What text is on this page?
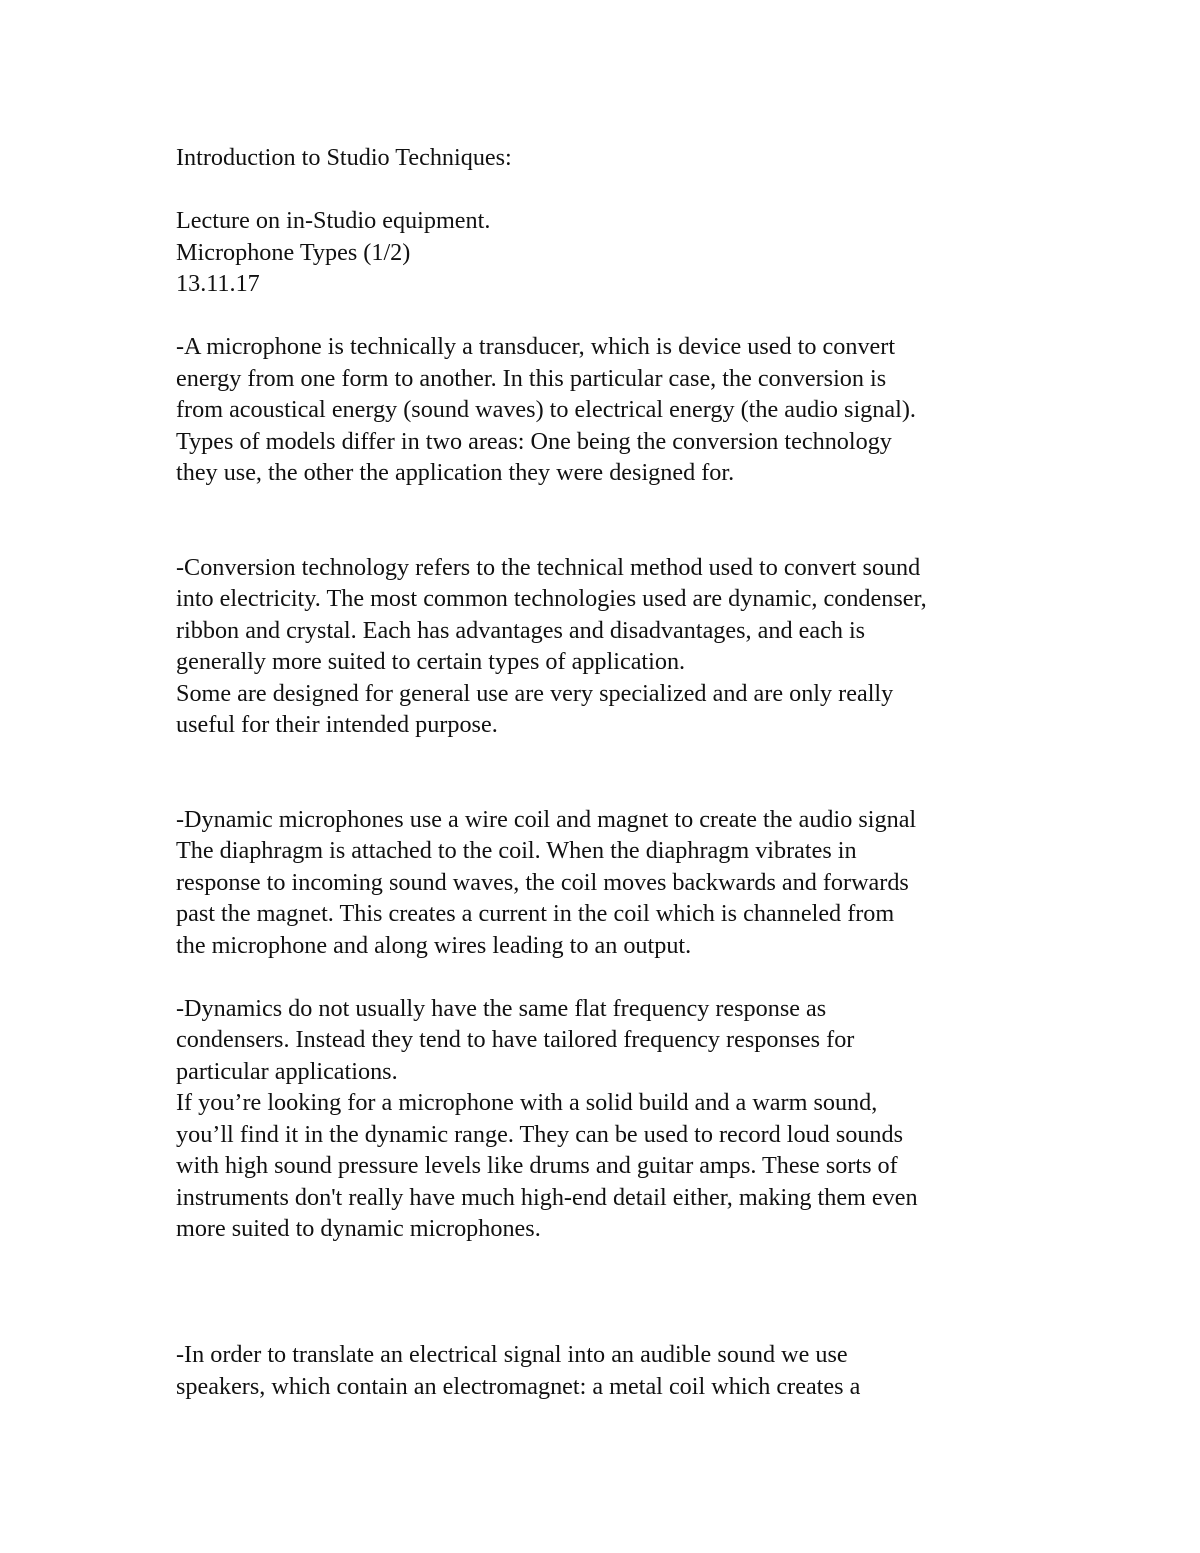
Introduction to Studio Techniques:
Lecture on in-Studio equipment.
Microphone Types (1/2)
13.11.17
-A microphone is technically a transducer, which is device used to convert
energy from one form to another. In this particular case, the conversion is
from acoustical energy (sound waves) to electrical energy (the audio signal).
Types of models differ in two areas: One being the conversion technology
they use, the other the application they were designed for.
-Conversion technology refers to the technical method used to convert sound
into electricity. The most common technologies used are dynamic, condenser,
ribbon and crystal. Each has advantages and disadvantages, and each is
generally more suited to certain types of application.
Some are designed for general use are very specialized and are only really
useful for their intended purpose.
-Dynamic microphones use a wire coil and magnet to create the audio signal
The diaphragm is attached to the coil. When the diaphragm vibrates in
response to incoming sound waves, the coil moves backwards and forwards
past the magnet. This creates a current in the coil which is channeled from
the microphone and along wires leading to an output.
-Dynamics do not usually have the same flat frequency response as
condensers. Instead they tend to have tailored frequency responses for
particular applications.
If you’re looking for a microphone with a solid build and a warm sound,
you’ll find it in the dynamic range. They can be used to record loud sounds
with high sound pressure levels like drums and guitar amps. These sorts of
instruments don't really have much high-end detail either, making them even
more suited to dynamic microphones.
-In order to translate an electrical signal into an audible sound we use
speakers, which contain an electromagnet: a metal coil which creates a
